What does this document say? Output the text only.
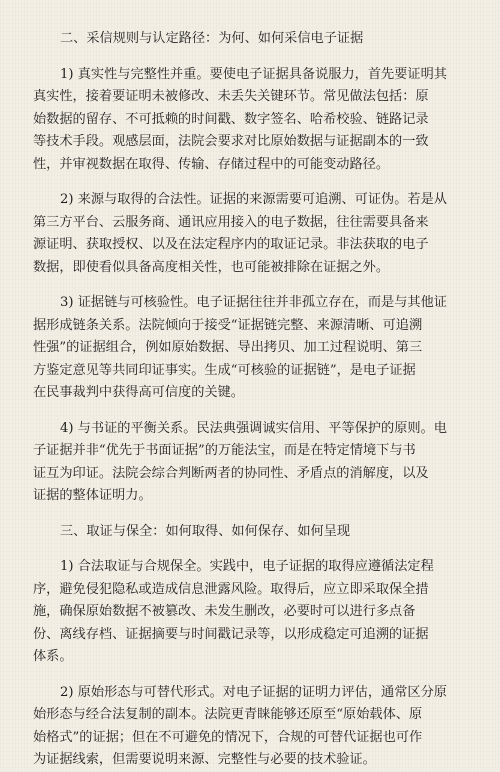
二、采信规则与认定路径：为何、如何采信电子证据
1) 真实性与完整性并重。要使电子证据具备说服力，首先要证明其
真实性，接着要证明未被修改、未丢失关键环节。常见做法包括：原
始数据的留存、不可抵赖的时间戳、数字签名、哈希校验、链路记录
等技术手段。观感层面，法院会要求对比原始数据与证据副本的一致
性，并审视数据在取得、传输、存储过程中的可能变动路径。
2) 来源与取得的合法性。证据的来源需要可追溯、可证伪。若是从
第三方平台、云服务商、通讯应用接入的电子数据，往往需要具备来
源证明、获取授权、以及在法定程序内的取证记录。非法获取的电子
数据，即使看似具备高度相关性，也可能被排除在证据之外。
3) 证据链与可核验性。电子证据往往并非孤立存在，而是与其他证
据形成链条关系。法院倾向于接受“证据链完整、来源清晰、可追溯
性强”的证据组合，例如原始数据、导出拷贝、加工过程说明、第三
方鉴定意见等共同印证事实。生成“可核验的证据链”，是电子证据
在民事裁判中获得高可信度的关键。
4) 与书证的平衡关系。民法典强调诚实信用、平等保护的原则。电
子证据并非“优先于书面证据”的万能法宝，而是在特定情境下与书
证互为印证。法院会综合判断两者的协同性、矛盾点的消解度，以及
证据的整体证明力。
三、取证与保全：如何取得、如何保存、如何呈现
1) 合法取证与合规保全。实践中，电子证据的取得应遵循法定程
序，避免侵犯隐私或造成信息泄露风险。取得后，应立即采取保全措
施，确保原始数据不被篡改、未发生删改，必要时可以进行多点备
份、离线存档、证据摘要与时间戳记录等，以形成稳定可追溯的证据
体系。
2) 原始形态与可替代形式。对电子证据的证明力评估，通常区分原
始形态与经合法复制的副本。法院更青睐能够还原至“原始载体、原
始格式”的证据；但在不可避免的情况下，合规的可替代证据也可作
为证据线索，但需要说明来源、完整性与必要的技术验证。
